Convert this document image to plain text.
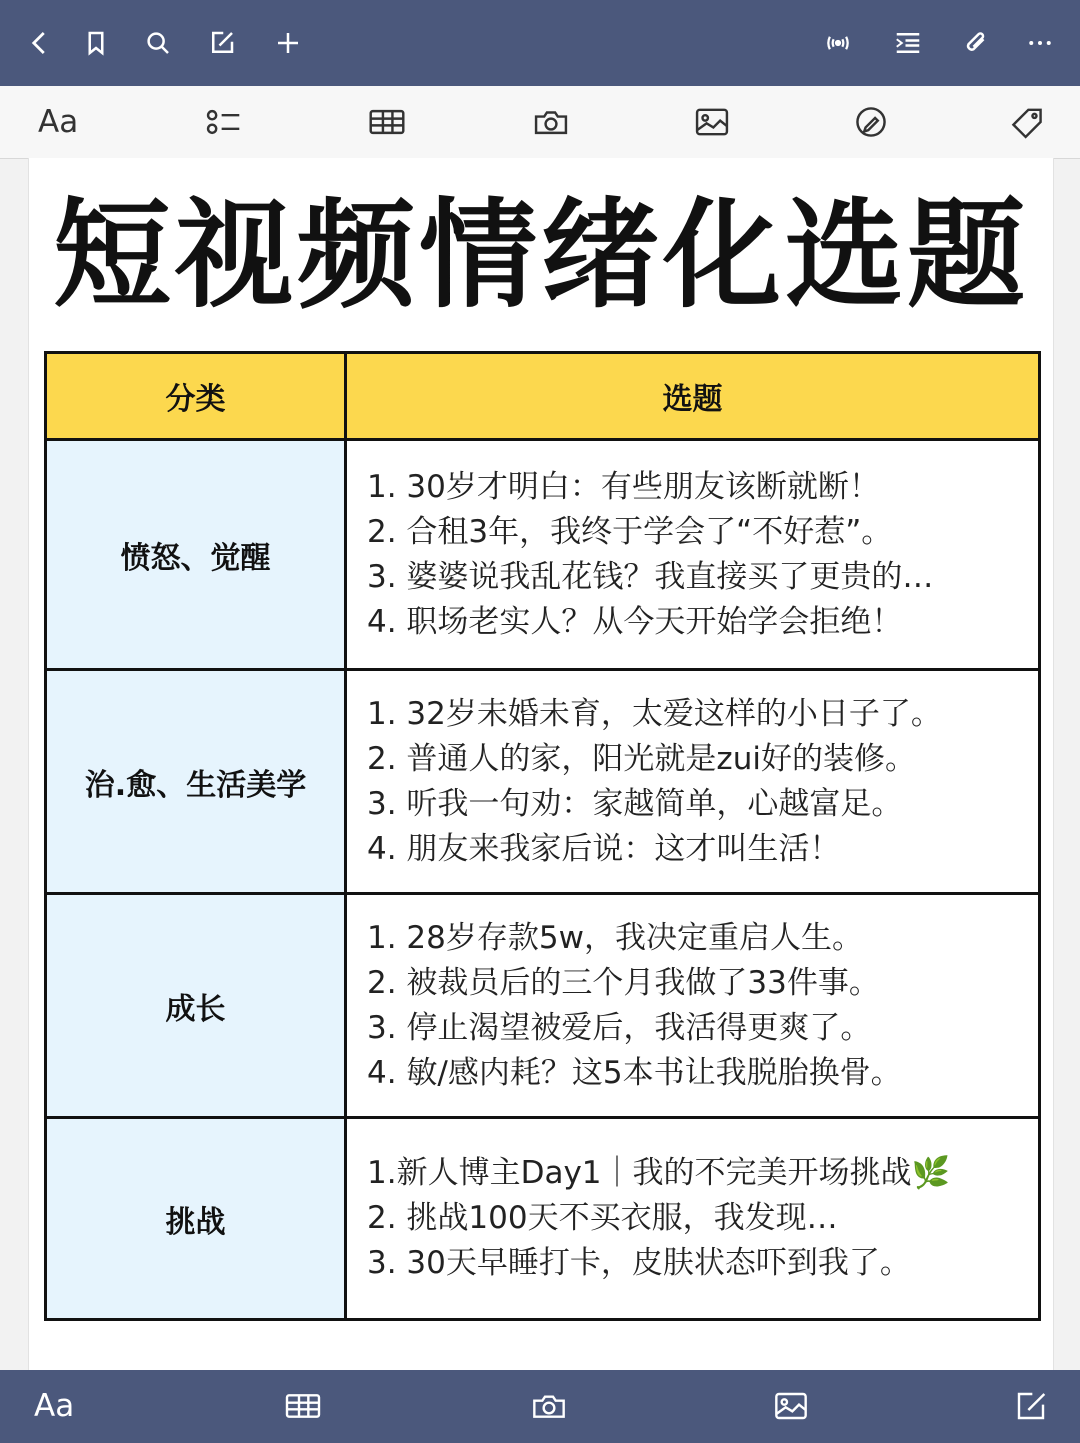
Aa
短视频情绪化选题
分类	选题
愤怒、觉醒	1. 30岁才明白：有些朋友该断就断！
2. 合租3年，我终于学会了“不好惹”。
3. 婆婆说我乱花钱？我直接买了更贵的…
4. 职场老实人？从今天开始学会拒绝！

治.愈、生活美学	1. 32岁未婚未育，太爱这样的小日子了。
2. 普通人的家，阳光就是zui好的装修。
3. 听我一句劝：家越简单，心越富足。
4. 朋友来我家后说：这才叫生活！

成长	1. 28岁存款5w，我决定重启人生。
2. 被裁员后的三个月我做了33件事。
3. 停止渴望被爱后，我活得更爽了。
4. 敏/感内耗？这5本书让我脱胎换骨。

挑战	1.新人博主Day1｜我的不完美开场挑战🌿
2. 挑战100天不买衣服，我发现…
3. 30天早睡打卡，皮肤状态吓到我了。
Aa
